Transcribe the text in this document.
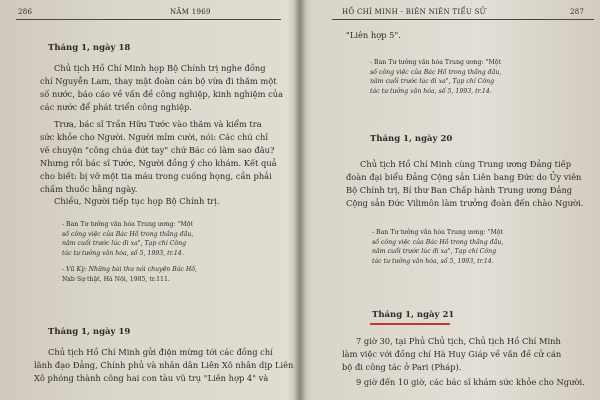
286	NĂM 1969
Tháng 1, ngày 18
Chủ tịch Hồ Chí Minh họp Bộ Chính trị nghe đồng
chí Nguyễn Lam, thay mặt đoàn cán bộ vừa đi thăm một
số nước, báo cáo về vấn đề công nghiệp, kinh nghiệm của
các nước để phát triển công nghiệp.
Trưa, bác sĩ Trần Hữu Tước vào thăm và kiểm tra
sức khỏe cho Người. Người mỉm cười, nói: Các chú chỉ
vẽ chuyện "công chúa đứt tay" chứ Bác có làm sao đâu?
Nhưng rồi bác sĩ Tước, Người đồng ý cho khám. Kết quả
cho biết: bị vỡ một tia máu trong cuống họng, cần phải
chấm thuốc hằng ngày.
Chiều, Người tiếp tục họp Bộ Chính trị.
- Ban Tư tưởng văn hóa Trung ương: "Một
số công việc của Bác Hồ trong thắng đầu,
năm cuối trước lúc đi xa", Tạp chí Công
tác tư tưởng văn hóa, số 5, 1993, tr.14.
- Vũ Kỳ: Những bài thư nói chuyện Bác Hồ,
Nxb Sự thật, Hà Nội, 1985, tr.111.
Tháng 1, ngày 19
Chủ tịch Hồ Chí Minh gửi điện mừng tới các đồng chí
lãnh đạo Đảng, Chính phủ và nhân dân Liên Xô nhân dịp Liên
Xô phóng thành công hai con tàu vũ trụ "Liên hợp 4" và
HỒ CHÍ MINH - BIÊN NIÊN TIỂU SỬ	287
"Liên hợp 5".
- Ban Tư tưởng văn hóa Trung ương: "Một
số công việc của Bác Hồ trong thắng đầu,
năm cuối trước lúc đi xa", Tạp chí Công
tác tư tưởng văn hóa, số 5, 1993, tr.14.
Tháng 1, ngày 20
Chủ tịch Hồ Chí Minh cùng Trung ương Đảng tiếp
đoàn đại biểu Đảng Cộng sản Liên bang Đức do Ủy viên
Bộ Chính trị, Bí thư Ban Chấp hành Trung ương Đảng
Cộng sản Đức Vilimôn làm trưởng đoàn đến chào Người.
- Ban Tư tưởng văn hóa Trung ương: "Một
số công việc của Bác Hồ trong thắng đầu,
năm cuối trước lúc đi xa", Tạp chí Công
tác tư tưởng văn hóa, số 5, 1993, tr.14.
Tháng 1, ngày 21
7 giờ 30, tại Phủ Chủ tịch, Chủ tịch Hồ Chí Minh
làm việc với đồng chí Hà Huy Giáp về vấn đề cử cán
bộ đi công tác ở Pari (Pháp).
9 giờ đến 10 giờ, các bác sĩ khám sức khỏe cho Người.
